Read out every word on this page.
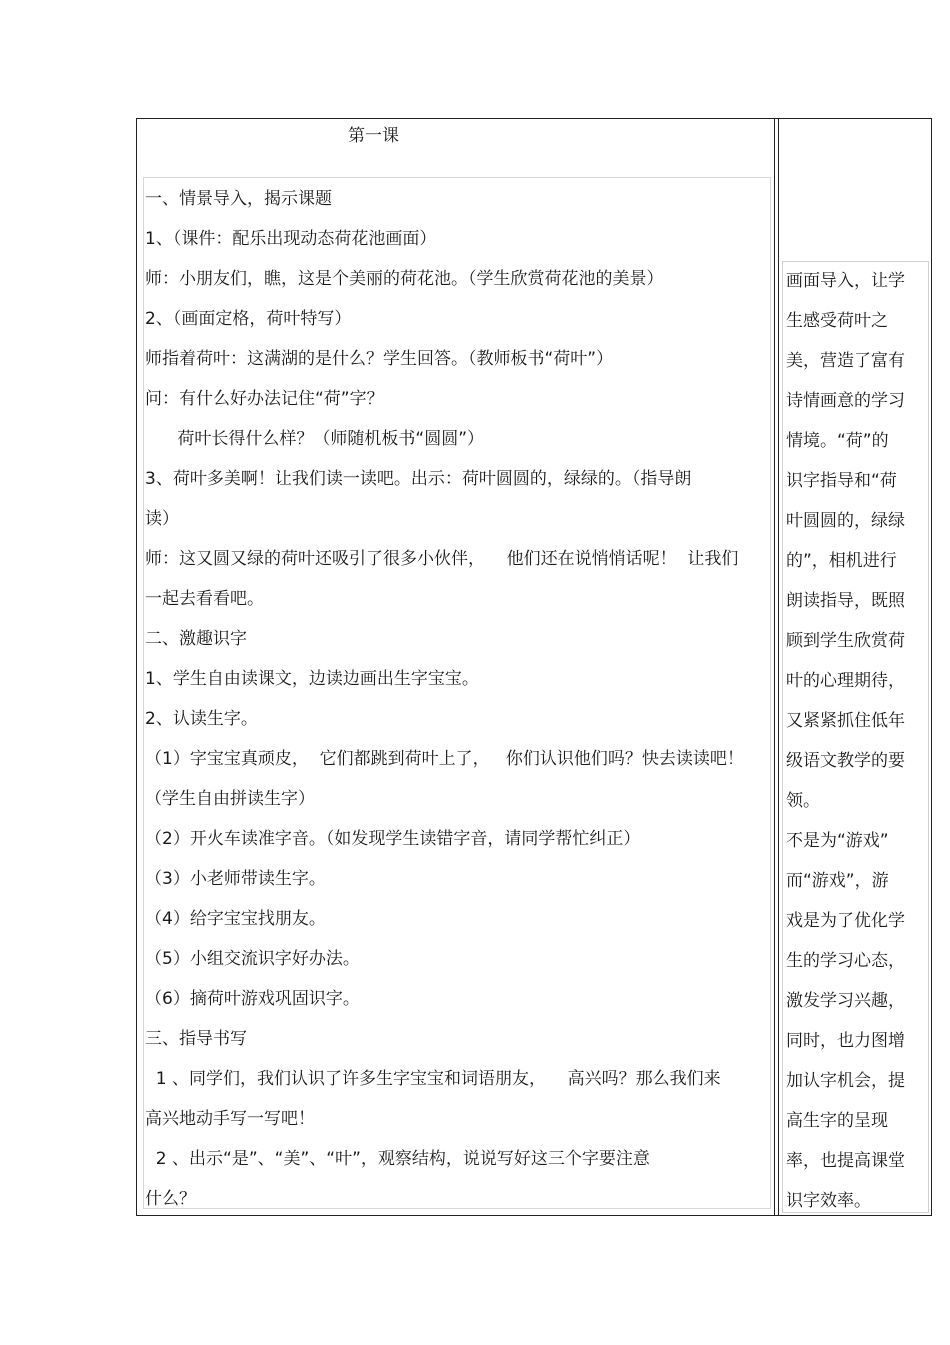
第一课
一、情景导入，揭示课题
1、（课件：配乐出现动态荷花池画面）
师：小朋友们，瞧，这是个美丽的荷花池。（学生欣赏荷花池的美景）
2、（画面定格，荷叶特写）
师指着荷叶：这满湖的是什么？学生回答。（教师板书“荷叶”）
问：有什么好办法记住“荷”字？
荷叶长得什么样？（师随机板书“圆圆”）
3、荷叶多美啊！让我们读一读吧。出示：荷叶圆圆的，绿绿的。（指导朗
读）
师：这又圆又绿的荷叶还吸引了很多小伙伴，    他们还在说悄悄话呢！  让我们
一起去看看吧。
二、激趣识字
1、学生自由读课文，边读边画出生字宝宝。
2、认读生字。
（1）字宝宝真顽皮，  它们都跳到荷叶上了，   你们认识他们吗？快去读读吧！
（学生自由拼读生字）
（2）开火车读准字音。（如发现学生读错字音，请同学帮忙纠正）
（3）小老师带读生字。
（4）给字宝宝找朋友。
（5）小组交流识字好办法。
（6）摘荷叶游戏巩固识字。
三、指导书写
1 、同学们，我们认识了许多生字宝宝和词语朋友，    高兴吗？那么我们来
高兴地动手写一写吧！
2 、出示“是”、“美”、“叶”，观察结构，说说写好这三个字要注意
什么？
画面导入，让学
生感受荷叶之
美，营造了富有
诗情画意的学习
情境。“荷”的
识字指导和“荷
叶圆圆的，绿绿
的”，相机进行
朗读指导，既照
顾到学生欣赏荷
叶的心理期待，
又紧紧抓住低年
级语文教学的要
领。
不是为“游戏”
而“游戏”，游
戏是为了优化学
生的学习心态，
激发学习兴趣，
同时，也力图增
加认字机会，提
高生字的呈现
率，也提高课堂
识字效率。
